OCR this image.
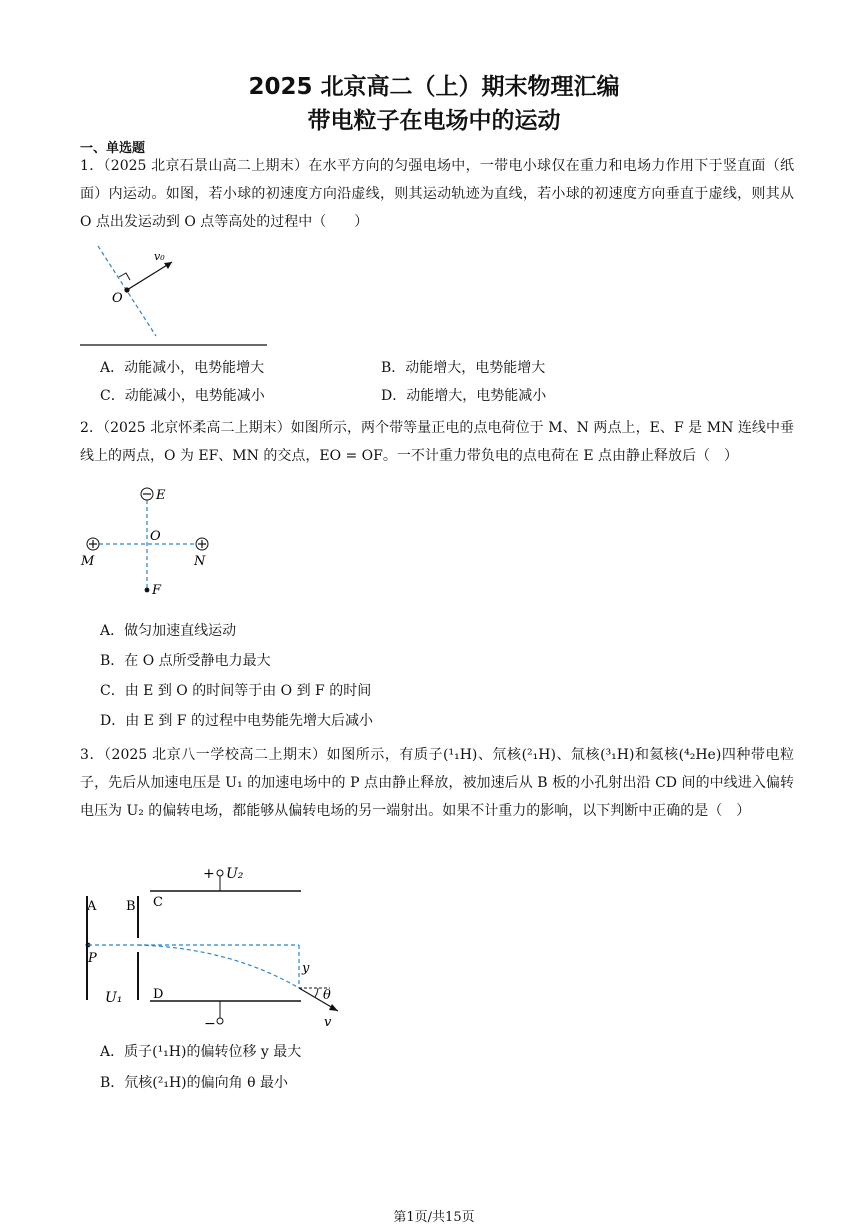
2025 北京高二（上）期末物理汇编
带电粒子在电场中的运动
一、单选题
1．（2025 北京石景山高二上期末）在水平方向的匀强电场中，一带电小球仅在重力和电场力作用下于竖直面（纸面）内运动。如图，若小球的初速度方向沿虚线，则其运动轨迹为直线，若小球的初速度方向垂直于虚线，则其从 O 点出发运动到 O 点等高处的过程中（　　）
O
v₀
A．动能减小，电势能增大	B．动能增大，电势能增大
C．动能减小，电势能减小	D．动能增大，电势能减小
2．（2025 北京怀柔高二上期末）如图所示，两个带等量正电的点电荷位于 M、N 两点上，E、F 是 MN 连线中垂线上的两点，O 为 EF、MN 的交点，EO = OF。一不计重力带负电的点电荷在 E 点由静止释放后（　）
E
O
M	N
F
A．做匀加速直线运动
B．在 O 点所受静电力最大
C．由 E 到 O 的时间等于由 O 到 F 的时间
D．由 E 到 F 的过程中电势能先增大后减小
3．（2025 北京八一学校高二上期末）如图所示，有质子(¹₁H)、氘核(²₁H)、氚核(³₁H)和氦核(⁴₂He)四种带电粒子，先后从加速电压是 U₁ 的加速电场中的 P 点由静止释放，被加速后从 B 板的小孔射出沿 CD 间的中线进入偏转电压为 U₂ 的偏转电场，都能够从偏转电场的另一端射出。如果不计重力的影响，以下判断中正确的是（　）
A B
U₁
C
D
+ U₂
−
P
y
θ
v
A．质子(¹₁H)的偏转位移 y 最大
B．氘核(²₁H)的偏向角 θ 最小
第1页/共15页
